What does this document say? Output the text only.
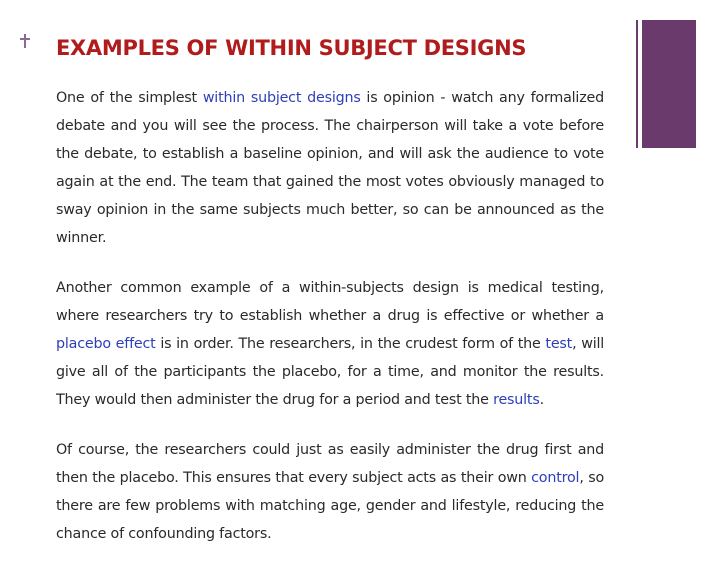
EXAMPLES OF WITHIN SUBJECT DESIGNS

One of the simplest within subject designs is opinion - watch any formalized debate and you will see the process. The chairperson will take a vote before the debate, to establish a baseline opinion, and will ask the audience to vote again at the end. The team that gained the most votes obviously managed to sway opinion in the same subjects much better, so can be announced as the winner.

Another common example of a within-subjects design is medical testing, where researchers try to establish whether a drug is effective or whether a placebo effect is in order. The researchers, in the crudest form of the test, will give all of the participants the placebo, for a time, and monitor the results. They would then administer the drug for a period and test the results.

Of course, the researchers could just as easily administer the drug first and then the placebo. This ensures that every subject acts as their own control, so there are few problems with matching age, gender and lifestyle, reducing the chance of confounding factors.
